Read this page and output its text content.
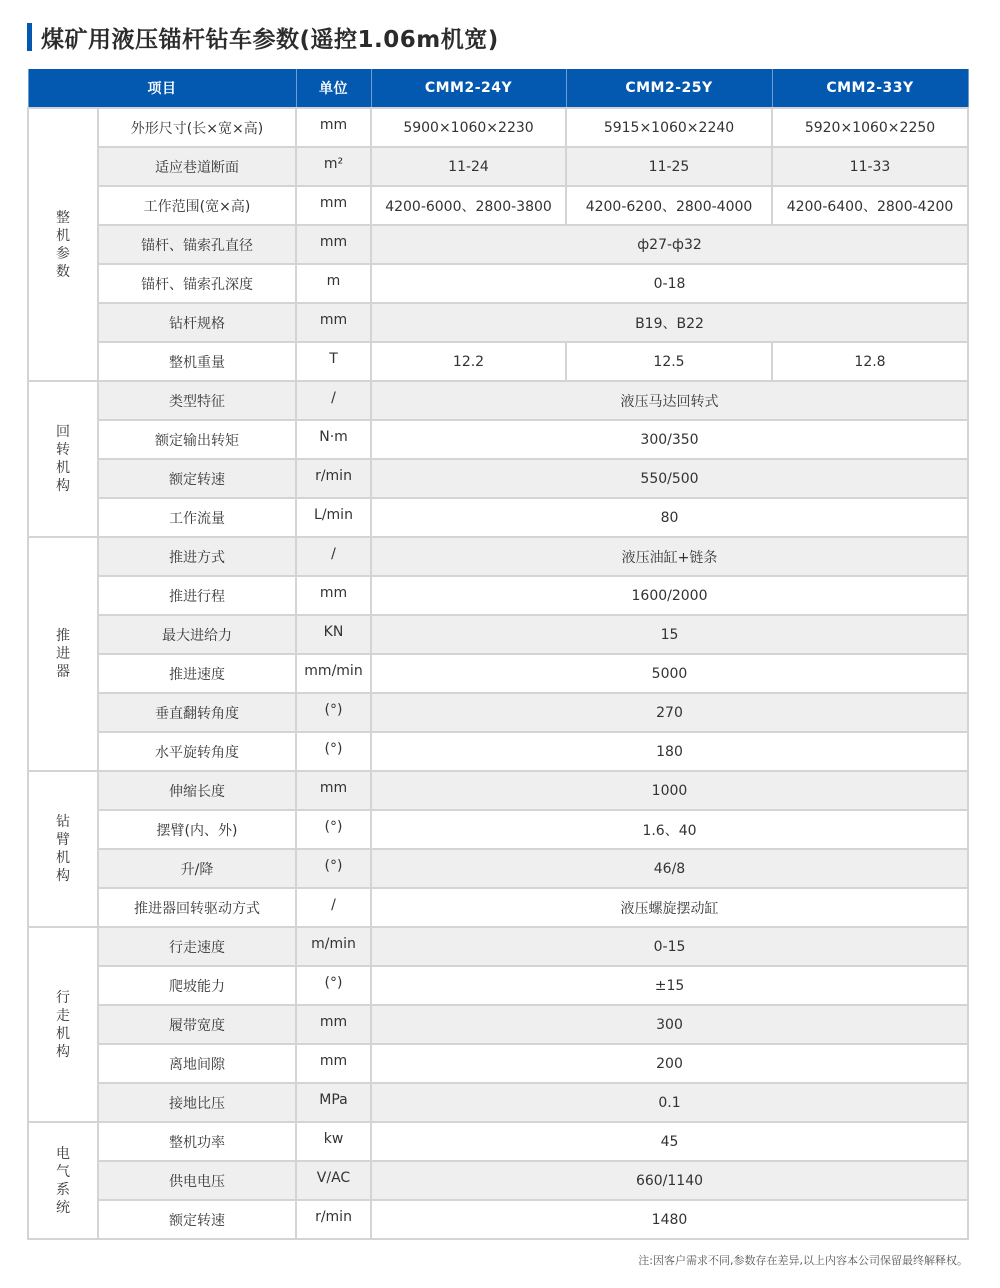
煤矿用液压锚杆钻车参数(遥控1.06m机宽)
项目		单位	CMM2-24Y	CMM2-25Y	CMM2-33Y
整机参数	外形尺寸(长×宽×高)	mm	5900×1060×2230	5915×1060×2240	5920×1060×2250
	适应巷道断面	m²	11-24	11-25	11-33
	工作范围(宽×高)	mm	4200-6000、2800-3800	4200-6200、2800-4000	4200-6400、2800-4200
	锚杆、锚索孔直径	mm	ф27-ф32		
	锚杆、锚索孔深度	m	0-18		
	钻杆规格	mm	B19、B22		
	整机重量	T	12.2	12.5	12.8
回转机构	类型特征	/	液压马达回转式		
	额定输出转矩	N·m	300/350		
	额定转速	r/min	550/500		
	工作流量	L/min	80		
推进器	推进方式	/	液压油缸+链条		
	推进行程	mm	1600/2000		
	最大进给力	KN	15		
	推进速度	mm/min	5000		
	垂直翻转角度	(°)	270		
	水平旋转角度	(°)	180		
钻臂机构	伸缩长度	mm	1000		
	摆臂(内、外)	(°)	1.6、40		
	升/降	(°)	46/8		
	推进器回转驱动方式	/	液压螺旋摆动缸		
行走机构	行走速度	m/min	0-15		
	爬坡能力	(°)	±15		
	履带宽度	mm	300		
	离地间隙	mm	200		
	接地比压	MPa	0.1		
电气系统	整机功率	kw	45		
	供电电压	V/AC	660/1140		
	额定转速	r/min	1480		
注:因客户需求不同,参数存在差异,以上内容本公司保留最终解释权。
